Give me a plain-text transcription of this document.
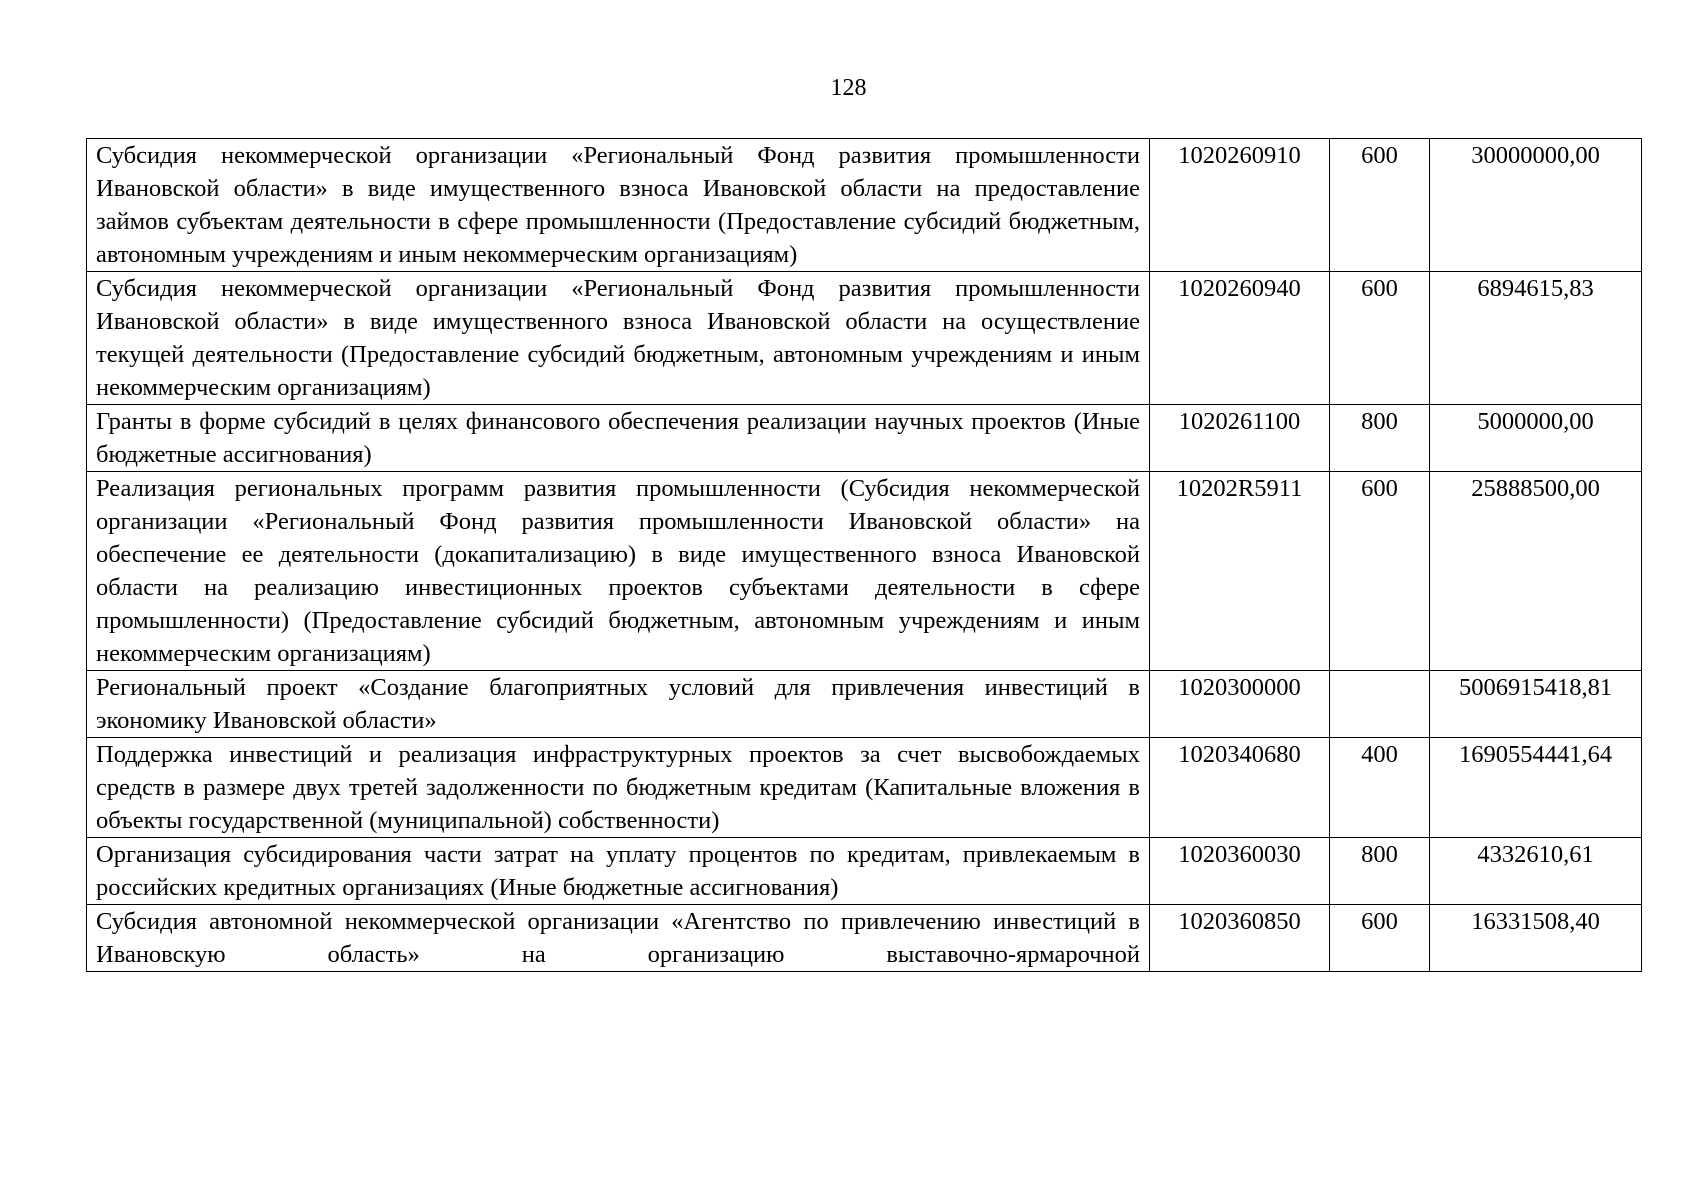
128
Субсидия некоммерческой организации «Региональный Фонд развития промышленности Ивановской области» в виде имущественного взноса Ивановской области на предоставление займов субъектам деятельности в сфере промышленности (Предоставление субсидий бюджетным, автономным учреждениям и иным некоммерческим организациям)	1020260910	600	30000000,00
Субсидия некоммерческой организации «Региональный Фонд развития промышленности Ивановской области» в виде имущественного взноса Ивановской области на осуществление текущей деятельности (Предоставление субсидий бюджетным, автономным учреждениям и иным некоммерческим организациям)	1020260940	600	6894615,83
Гранты в форме субсидий в целях финансового обеспечения реализации научных проектов (Иные бюджетные ассигнования)	1020261100	800	5000000,00
Реализация региональных программ развития промышленности (Субсидия некоммерческой организации «Региональный Фонд развития промышленности Ивановской области» на обеспечение ее деятельности (докапитализацию) в виде имущественного взноса Ивановской области на реализацию инвестиционных проектов субъектами деятельности в сфере промышленности) (Предоставление субсидий бюджетным, автономным учреждениям и иным некоммерческим организациям)	10202R5911	600	25888500,00
Региональный проект «Создание благоприятных условий для привлечения инвестиций в экономику Ивановской области»	1020300000		5006915418,81
Поддержка инвестиций и реализация инфраструктурных проектов за счет высвобождаемых средств в размере двух третей задолженности по бюджетным кредитам (Капитальные вложения в объекты государственной (муниципальной) собственности)	1020340680	400	1690554441,64
Организация субсидирования части затрат на уплату процентов по кредитам, привлекаемым в российских кредитных организациях (Иные бюджетные ассигнования)	1020360030	800	4332610,61
Субсидия автономной некоммерческой организации «Агентство по привлечению инвестиций в Ивановскую область» на организацию выставочно-ярмарочной	1020360850	600	16331508,40
